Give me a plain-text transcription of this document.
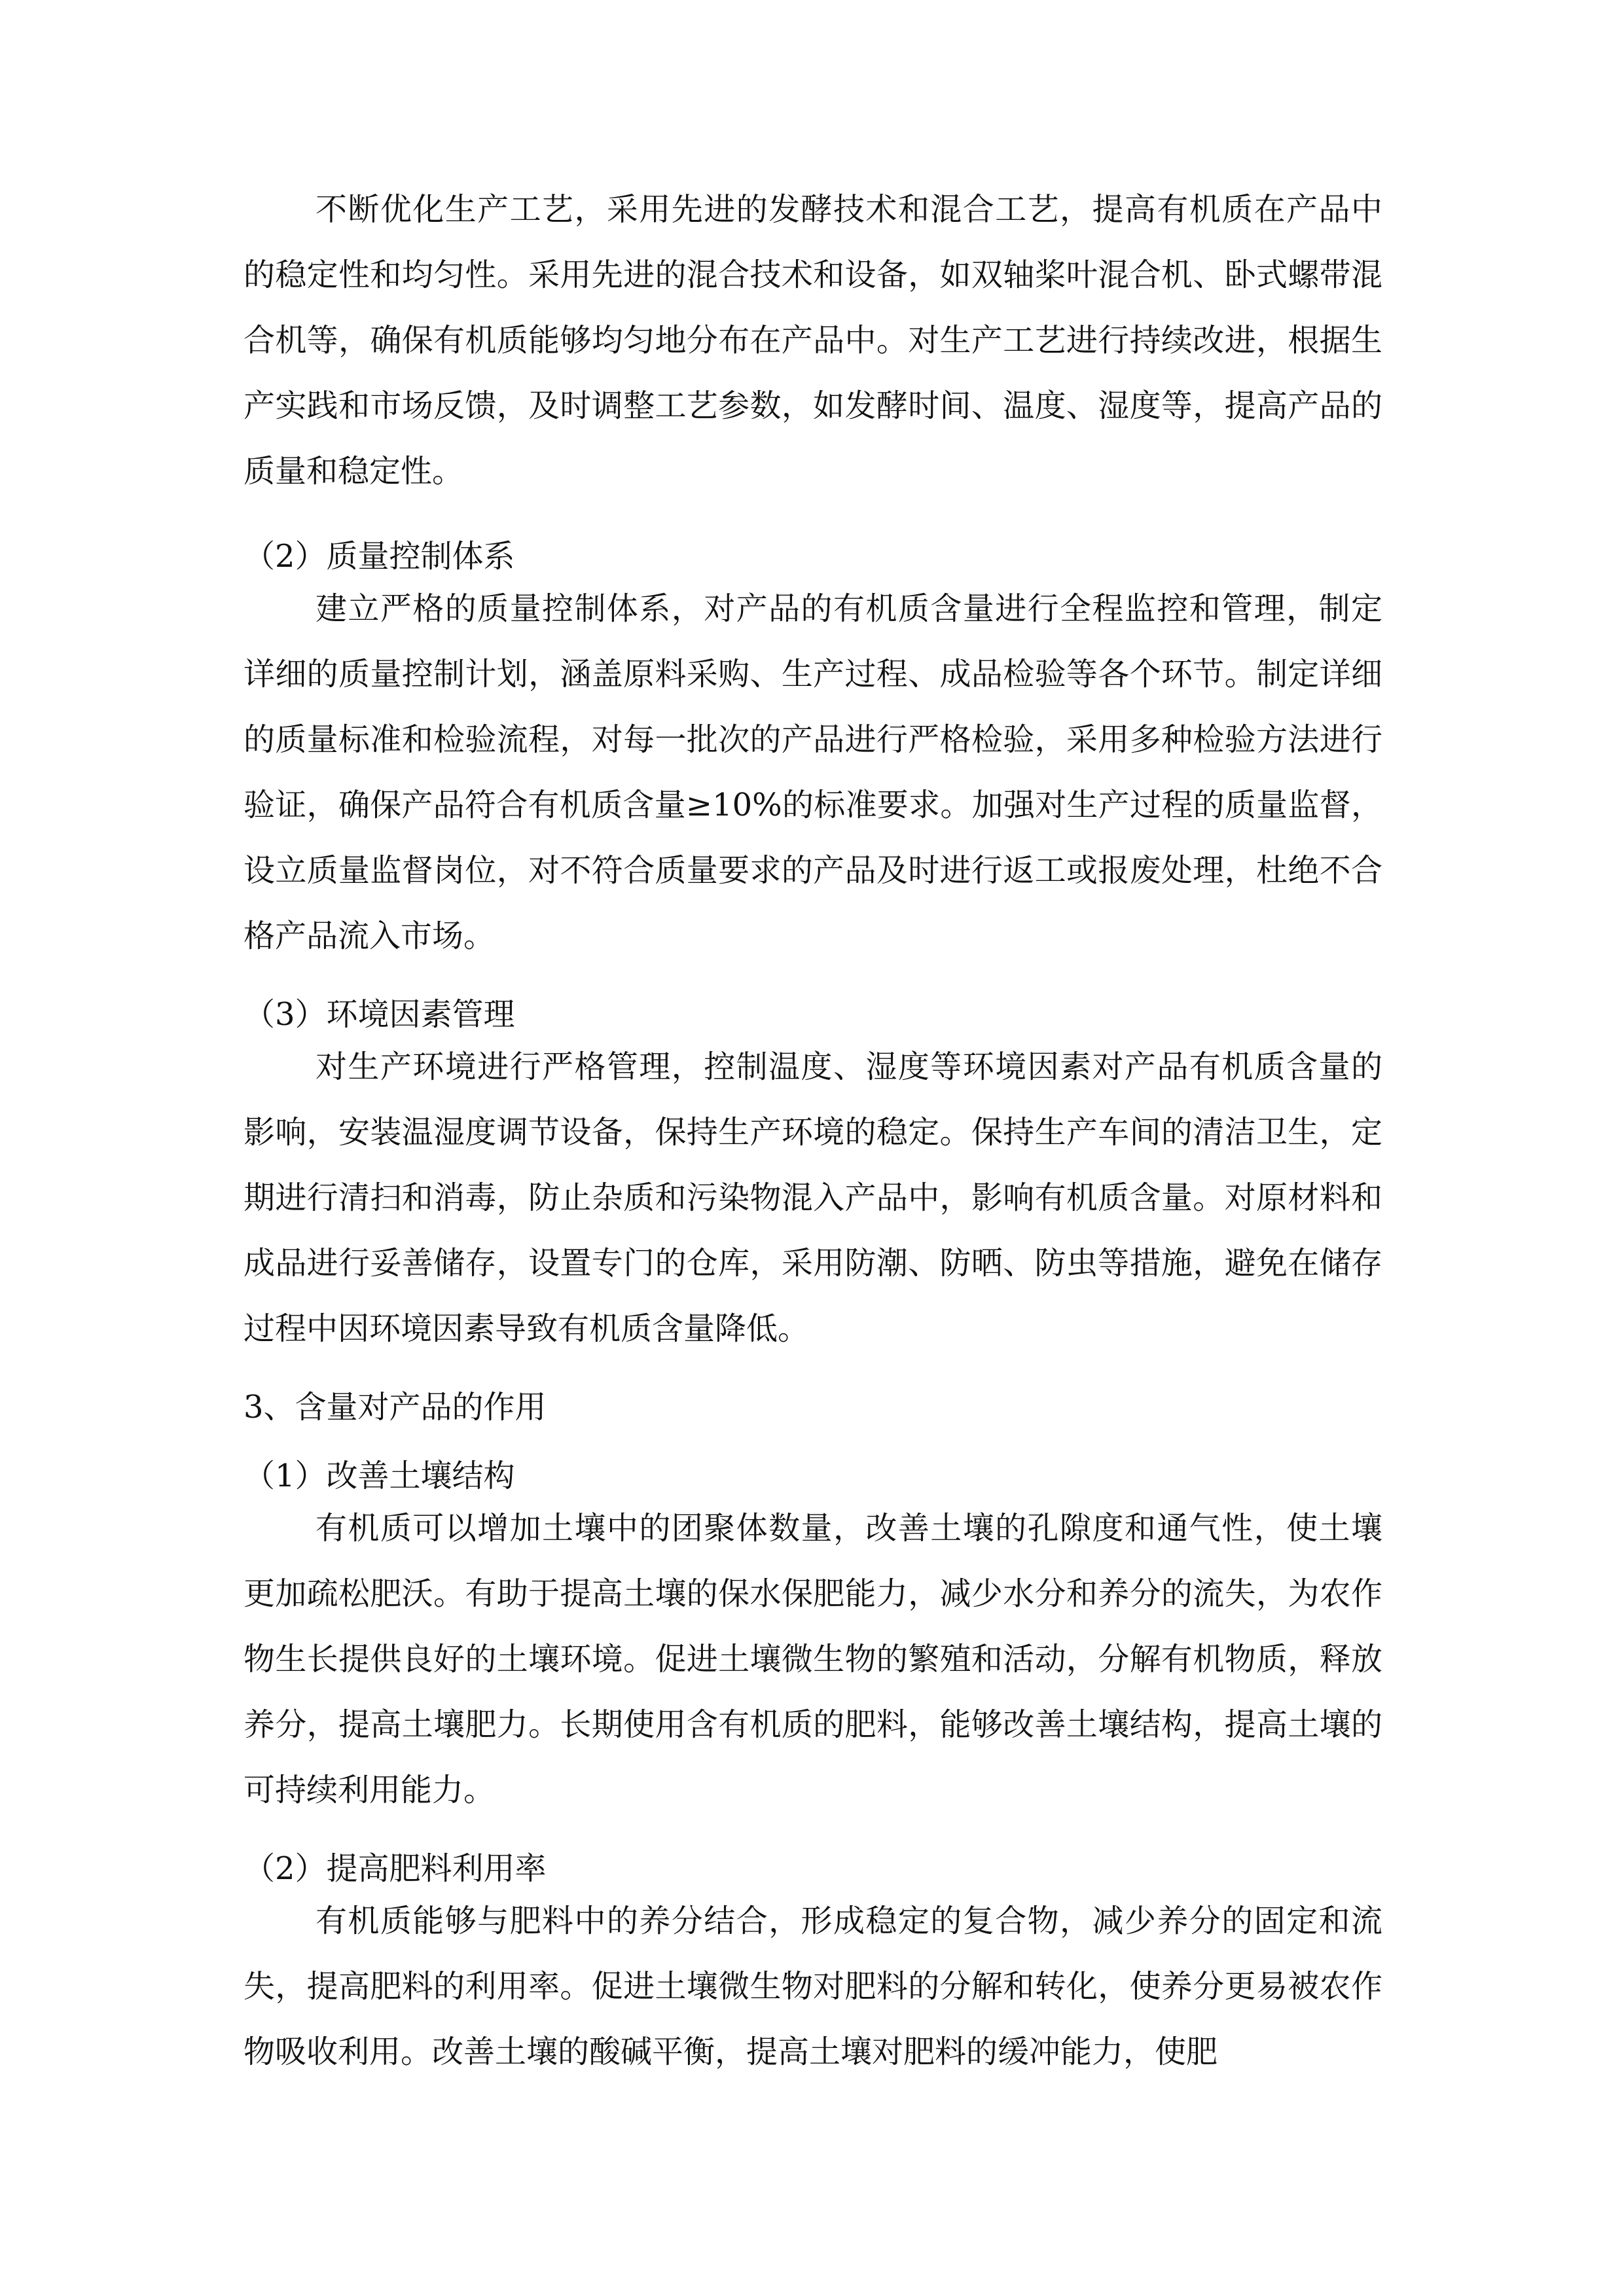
不断优化生产工艺，采用先进的发酵技术和混合工艺，提高有机质在产品中的稳定性和均匀性。采用先进的混合技术和设备，如双轴桨叶混合机、卧式螺带混合机等，确保有机质能够均匀地分布在产品中。对生产工艺进行持续改进，根据生产实践和市场反馈，及时调整工艺参数，如发酵时间、温度、湿度等，提高产品的质量和稳定性。

（2）质量控制体系

建立严格的质量控制体系，对产品的有机质含量进行全程监控和管理，制定详细的质量控制计划，涵盖原料采购、生产过程、成品检验等各个环节。制定详细的质量标准和检验流程，对每一批次的产品进行严格检验，采用多种检验方法进行验证，确保产品符合有机质含量≥10%的标准要求。加强对生产过程的质量监督，设立质量监督岗位，对不符合质量要求的产品及时进行返工或报废处理，杜绝不合格产品流入市场。

（3）环境因素管理

对生产环境进行严格管理，控制温度、湿度等环境因素对产品有机质含量的影响，安装温湿度调节设备，保持生产环境的稳定。保持生产车间的清洁卫生，定期进行清扫和消毒，防止杂质和污染物混入产品中，影响有机质含量。对原材料和成品进行妥善储存，设置专门的仓库，采用防潮、防晒、防虫等措施，避免在储存过程中因环境因素导致有机质含量降低。

3、含量对产品的作用
（1）改善土壤结构

有机质可以增加土壤中的团聚体数量，改善土壤的孔隙度和通气性，使土壤更加疏松肥沃。有助于提高土壤的保水保肥能力，减少水分和养分的流失，为农作物生长提供良好的土壤环境。促进土壤微生物的繁殖和活动，分解有机物质，释放养分，提高土壤肥力。长期使用含有机质的肥料，能够改善土壤结构，提高土壤的可持续利用能力。

（2）提高肥料利用率

有机质能够与肥料中的养分结合，形成稳定的复合物，减少养分的固定和流失，提高肥料的利用率。促进土壤微生物对肥料的分解和转化，使养分更易被农作物吸收利用。改善土壤的酸碱平衡，提高土壤对肥料的缓冲能力，使肥
